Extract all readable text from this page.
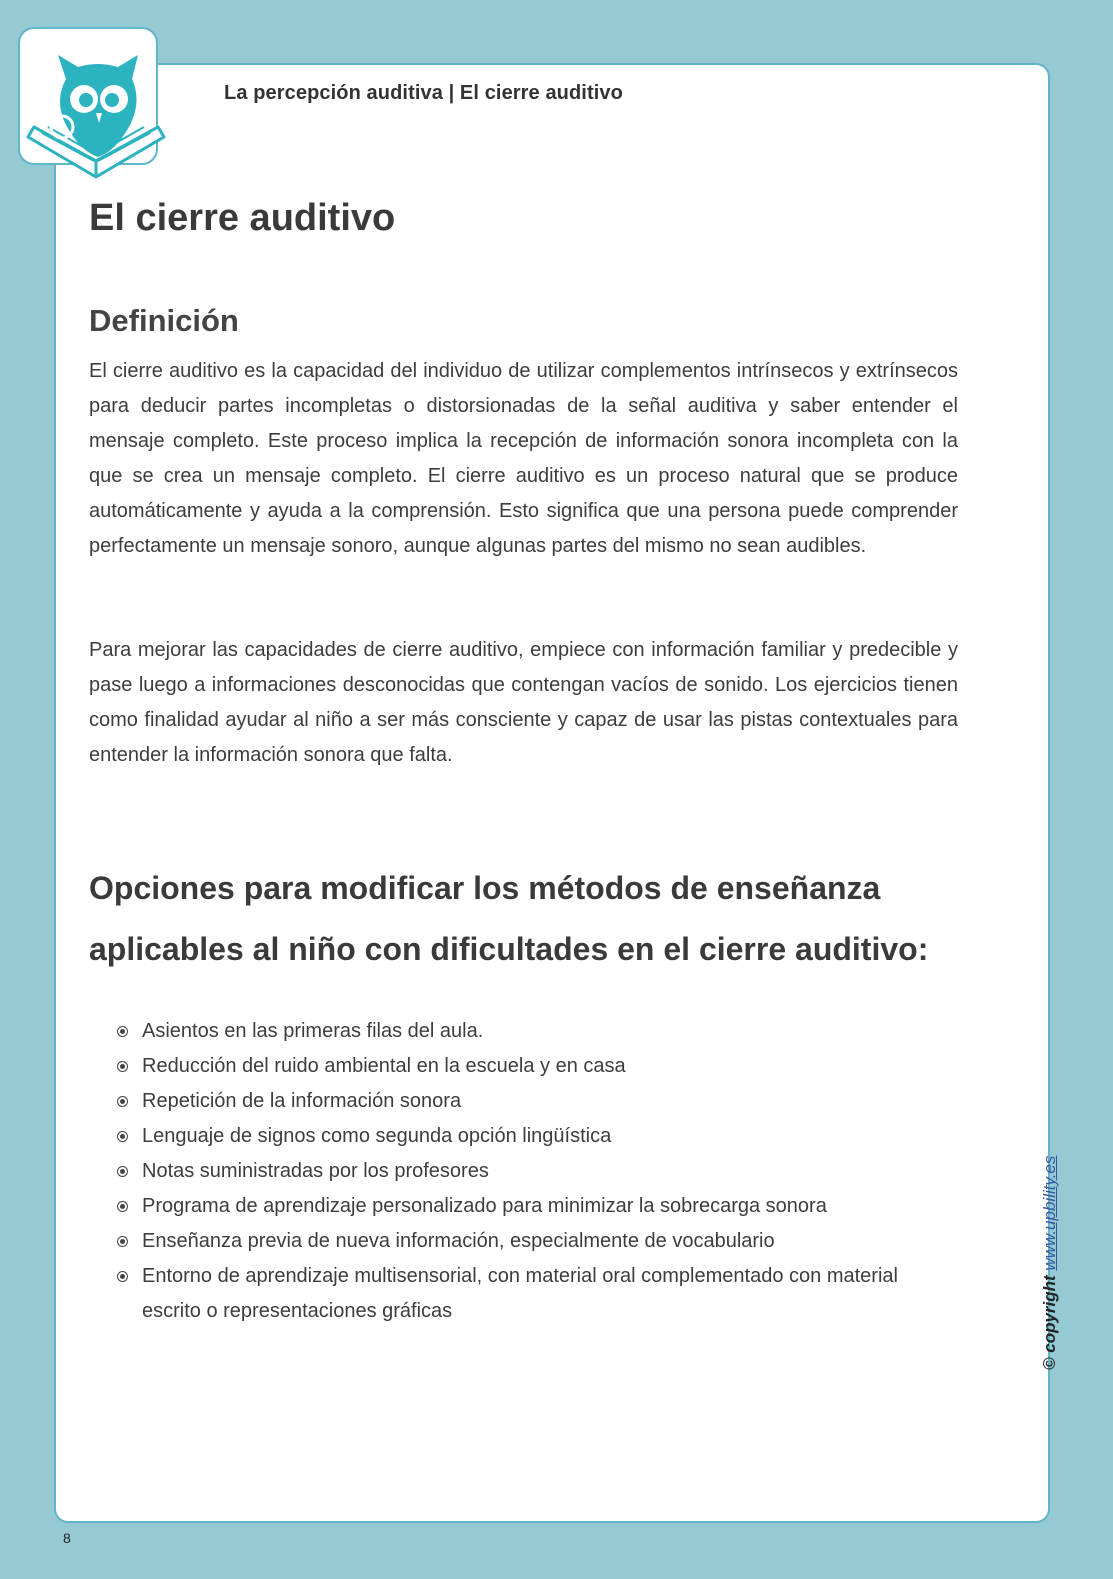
La percepción auditiva | El cierre auditivo
El cierre auditivo
Definición

El cierre auditivo es la capacidad del individuo de utilizar complementos intrínsecos y extrínsecos para deducir partes incompletas o distorsionadas de la señal auditiva y saber entender el mensaje completo. Este proceso implica la recepción de información sonora incompleta con la que se crea un mensaje completo. El cierre auditivo es un proceso natural que se produce automáticamente y ayuda a la comprensión. Esto significa que una persona puede comprender perfectamente un mensaje sonoro, aunque algunas partes del mismo no sean audibles.

Para mejorar las capacidades de cierre auditivo, empiece con información familiar y predecible y pase luego a informaciones desconocidas que contengan vacíos de sonido. Los ejercicios tienen como finalidad ayudar al niño a ser más consciente y capaz de usar las pistas contextuales para entender la información sonora que falta.

Opciones para modificar los métodos de enseñanza
aplicables al niño con dificultades en el cierre auditivo:
Asientos en las primeras filas del aula.
Reducción del ruido ambiental en la escuela y en casa
Repetición de la información sonora
Lenguaje de signos como segunda opción lingüística
Notas suministradas por los profesores
Programa de aprendizaje personalizado para minimizar la sobrecarga sonora
Enseñanza previa de nueva información, especialmente de vocabulario
Entorno de aprendizaje multisensorial, con material oral complementado con material escrito o representaciones gráficas	© copyright www.upbility.es
8
